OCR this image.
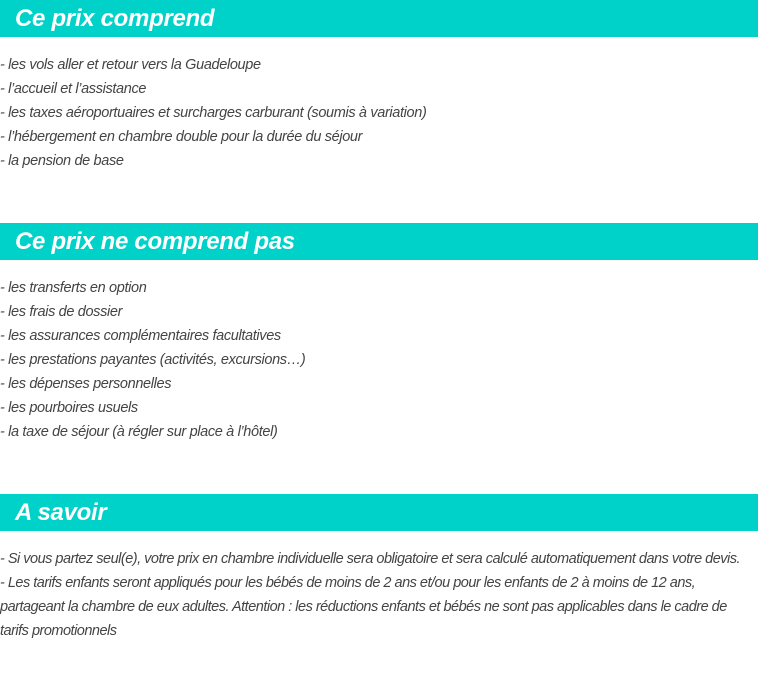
Ce prix comprend
- les vols aller et retour vers la Guadeloupe
- l’accueil et l’assistance
- les taxes aéroportuaires et surcharges carburant (soumis à variation)
- l’hébergement en chambre double pour la durée du séjour
- la pension de base
Ce prix ne comprend pas
- les transferts en option
- les frais de dossier
- les assurances complémentaires facultatives
- les prestations payantes (activités, excursions…)
- les dépenses personnelles
- les pourboires usuels
- la taxe de séjour (à régler sur place à l’hôtel)
A savoir
- Si vous partez seul(e), votre prix en chambre individuelle sera obligatoire et sera calculé automatiquement dans votre devis.
- Les tarifs enfants seront appliqués pour les bébés de moins de 2 ans et/ou pour les enfants de 2 à moins de 12 ans, partageant la chambre de eux adultes. Attention : les réductions enfants et bébés ne sont pas applicables dans le cadre de tarifs promotionnels
